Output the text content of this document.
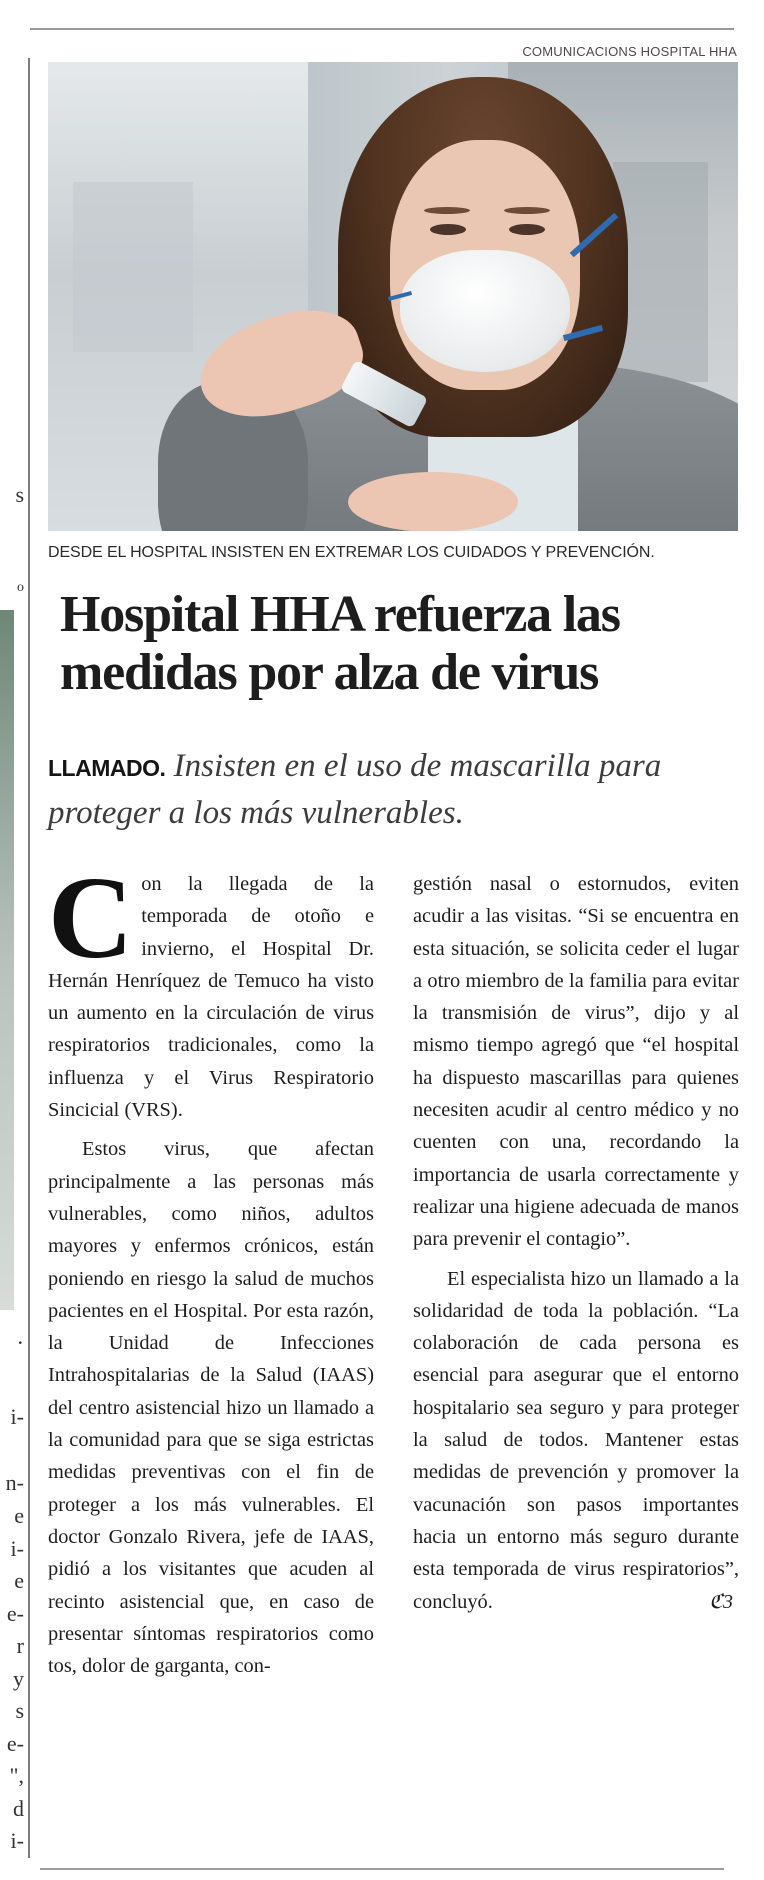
s
o
·
i-
n-
e
i-
e
e-
r
y
s
e-
",
d
i-
COMUNICACIONS HOSPITAL HHA
DESDE EL HOSPITAL INSISTEN EN EXTREMAR LOS CUIDADOS Y PREVENCIÓN.
Hospital HHA refuerza las
medidas por alza de virus
LLAMADO. Insisten en el uso de mascarilla para proteger a los más vulnerables.

C on la llegada de la temporada de otoño e invierno, el Hospital Dr. Hernán Henríquez de Temuco ha visto un aumento en la circulación de virus respiratorios tradicionales, como la influenza y el Virus Respiratorio Sincicial (VRS).

Estos virus, que afectan principalmente a las personas más vulnerables, como niños, adultos mayores y enfermos crónicos, están poniendo en riesgo la salud de muchos pacientes en el Hospital. Por esta razón, la Unidad de Infecciones Intrahospitalarias de la Salud (IAAS) del centro asistencial hizo un llamado a la comunidad para que se siga estrictas medidas preventivas con el fin de proteger a los más vulnerables. El doctor Gonzalo Rivera, jefe de IAAS, pidió a los visitantes que acuden al recinto asistencial que, en caso de presentar síntomas respiratorios como tos, dolor de garganta, con-

gestión nasal o estornudos, eviten acudir a las visitas. “Si se encuentra en esta situación, se solicita ceder el lugar a otro miembro de la familia para evitar la transmisión de virus”, dijo y al mismo tiempo agregó que “el hospital ha dispuesto mascarillas para quienes necesiten acudir al centro médico y no cuenten con una, recordando la importancia de usarla correctamente y realizar una higiene adecuada de manos para prevenir el contagio”.

El especialista hizo un llamado a la solidaridad de toda la población. “La colaboración de cada persona es esencial para asegurar que el entorno hospitalario sea seguro y para proteger la salud de todos. Mantener estas medidas de prevención y promover la vacunación son pasos importantes hacia un entorno más seguro durante esta temporada de virus respiratorios”, concluyó.	ℭ3
